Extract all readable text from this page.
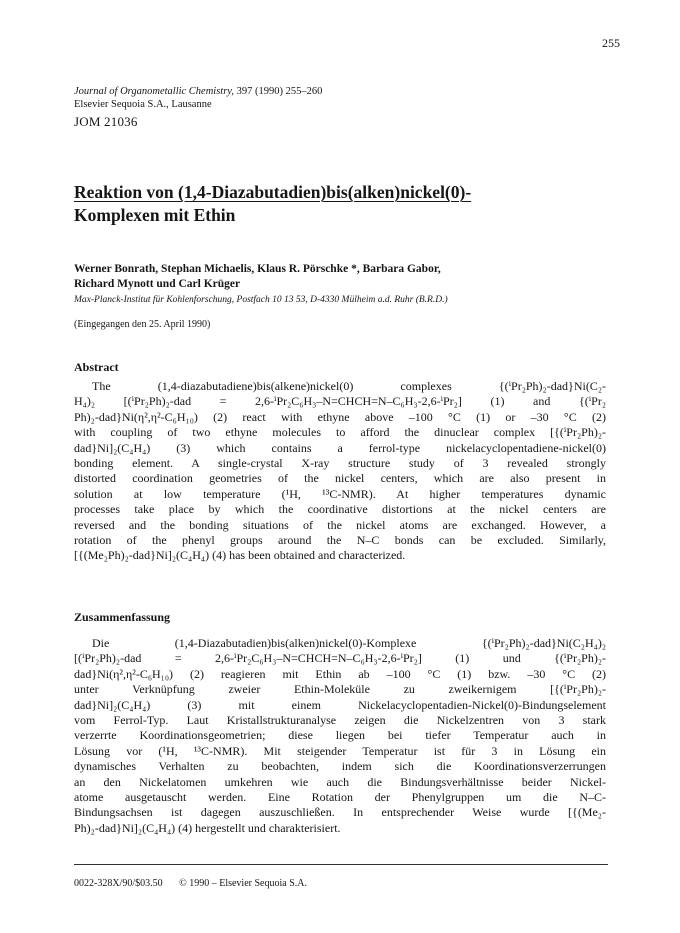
255
Journal of Organometallic Chemistry, 397 (1990) 255–260
Elsevier Sequoia S.A., Lausanne
JOM 21036
Reaktion von (1,4-Diazabutadien)bis(alken)nickel(0)-
Komplexen mit Ethin
Werner Bonrath, Stephan Michaelis, Klaus R. Pörschke *, Barbara Gabor,
Richard Mynott und Carl Krüger
Max-Planck-Institut für Kohlenforschung, Postfach 10 13 53, D-4330 Mülheim a.d. Ruhr (B.R.D.)
(Eingegangen den 25. April 1990)
Abstract
The (1,4-diazabutadiene)bis(alkene)nickel(0) complexes {(ⁱPr₂Ph)₂-dad}Ni(C₂-
H₄)₂ [(ⁱPr₂Ph)₂-dad = 2,6-ⁱPr₂C₆H₃–N=CHCH=N–C₆H₃-2,6-ⁱPr₂] (1) and {(ⁱPr₂
Ph)₂-dad}Ni(η²,η²-C₆H₁₀) (2) react with ethyne above –100 °C (1) or –30 °C (2)
with coupling of two ethyne molecules to afford the dinuclear complex [{(ⁱPr₂Ph)₂-
dad}Ni]₂(C₄H₄) (3) which contains a ferrol-type nickelacyclopentadiene-nickel(0)
bonding element. A single-crystal X-ray structure study of 3 revealed strongly
distorted coordination geometries of the nickel centers, which are also present in
solution at low temperature (¹H, ¹³C-NMR). At higher temperatures dynamic
processes take place by which the coordinative distortions at the nickel centers are
reversed and the bonding situations of the nickel atoms are exchanged. However, a
rotation of the phenyl groups around the N–C bonds can be excluded. Similarly,
[{(Me₂Ph)₂-dad}Ni]₂(C₄H₄) (4) has been obtained and characterized.
Zusammenfassung
Die (1,4-Diazabutadien)bis(alken)nickel(0)-Komplexe {(ⁱPr₂Ph)₂-dad}Ni(C₂H₄)₂
[(ⁱPr₂Ph)₂-dad = 2,6-ⁱPr₂C₆H₃–N=CHCH=N–C₆H₃-2,6-ⁱPr₂] (1) und {(ⁱPr₂Ph)₂-
dad}Ni(η²,η²-C₆H₁₀) (2) reagieren mit Ethin ab –100 °C (1) bzw. –30 °C (2)
unter Verknüpfung zweier Ethin-Moleküle zu zweikernigem [{(ⁱPr₂Ph)₂-
dad}Ni]₂(C₄H₄) (3) mit einem Nickelacyclopentadien-Nickel(0)-Bindungselement
vom Ferrol-Typ. Laut Kristallstrukturanalyse zeigen die Nickelzentren von 3 stark
verzerrte Koordinationsgeometrien; diese liegen bei tiefer Temperatur auch in
Lösung vor (¹H, ¹³C-NMR). Mit steigender Temperatur ist für 3 in Lösung ein
dynamisches Verhalten zu beobachten, indem sich die Koordinationsverzerrungen
an den Nickelatomen umkehren wie auch die Bindungsverhältnisse beider Nickel-
atome ausgetauscht werden. Eine Rotation der Phenylgruppen um die N–C-
Bindungsachsen ist dagegen auszuschließen. In entsprechender Weise wurde [{(Me₂-
Ph)₂-dad}Ni]₂(C₄H₄) (4) hergestellt und charakterisiert.
0022-328X/90/$03.50 © 1990 – Elsevier Sequoia S.A.
